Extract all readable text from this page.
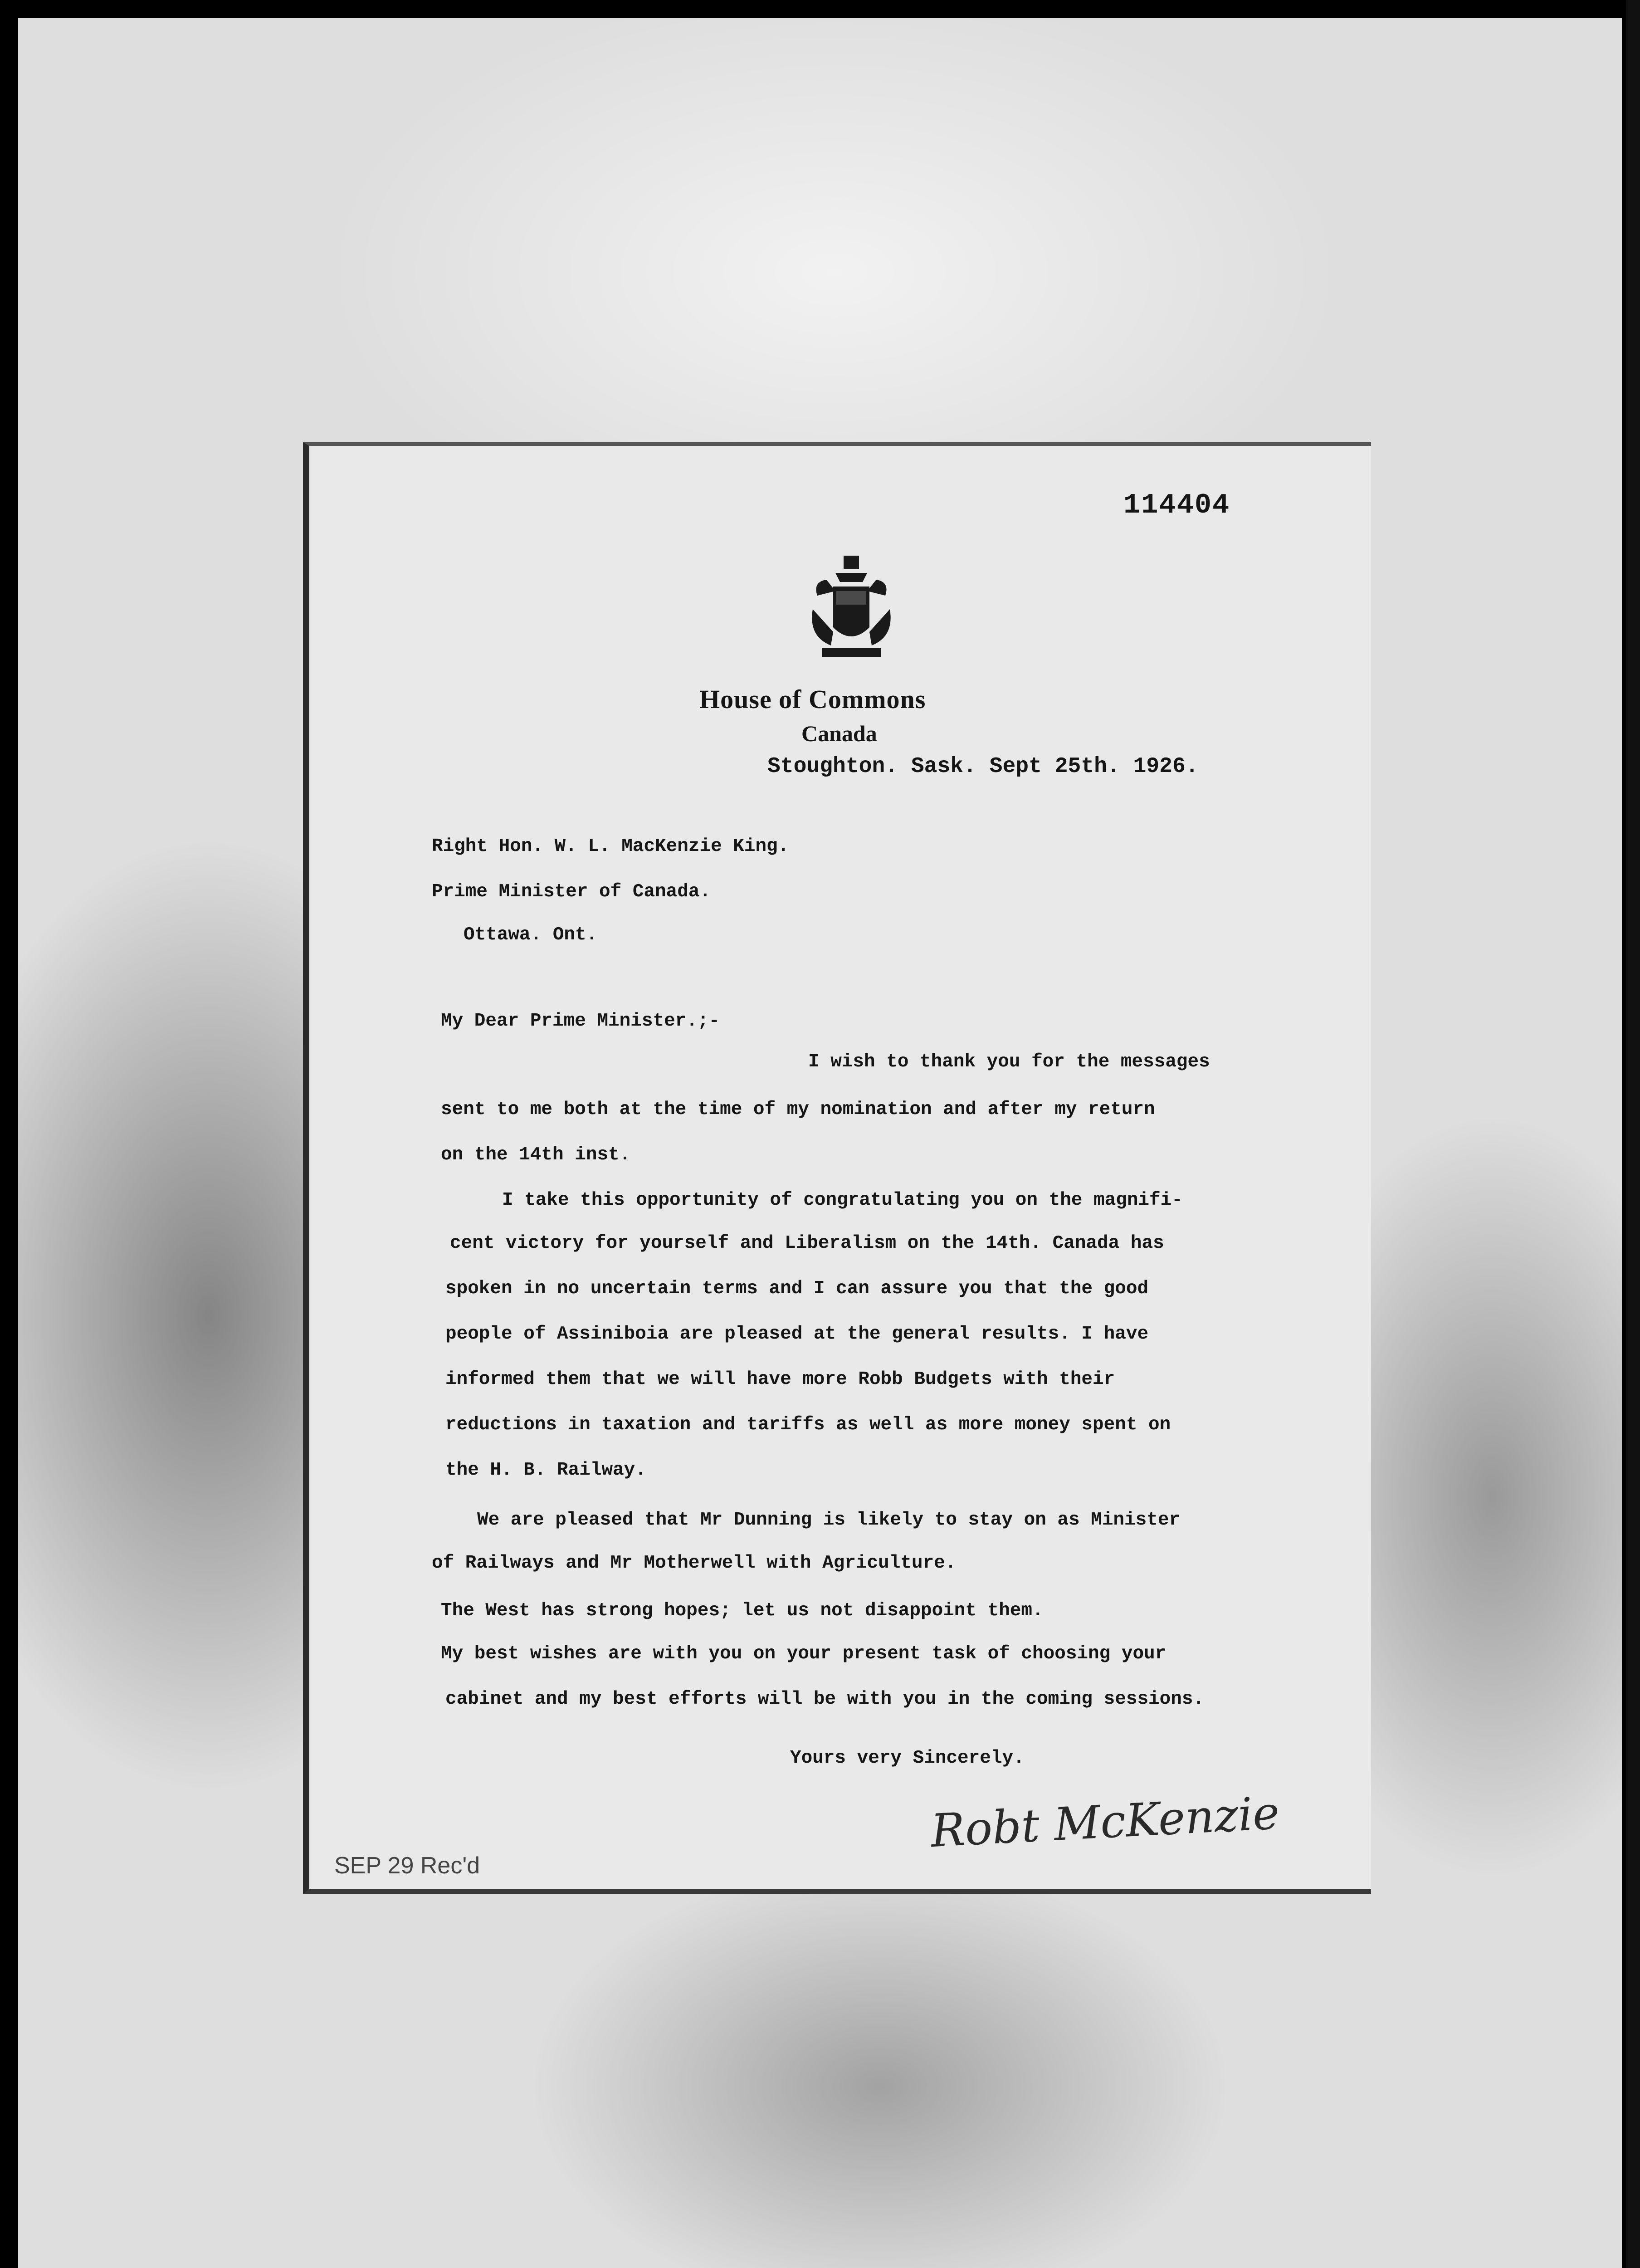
114404
House of Commons
Canada
Stoughton. Sask. Sept 25th. 1926.
Right Hon. W. L. MacKenzie King.
Prime Minister of Canada.
Ottawa. Ont.
My Dear Prime Minister.;-
I wish to thank you for the messages
sent to me both at the time of my nomination and after my return
on the 14th inst.
I take this opportunity of congratulating you on the magnifi-
cent victory for yourself and Liberalism on the 14th. Canada has
spoken in no uncertain terms and I can assure you that the good
people of Assiniboia are pleased at the general results. I have
informed them that we will have more Robb Budgets with their
reductions in taxation and tariffs as well as more money spent on
the H. B. Railway.
We are pleased that Mr Dunning is likely to stay on as Minister
of Railways and Mr Motherwell with Agriculture.
The West has strong hopes; let us not disappoint them.
My best wishes are with you on your present task of choosing your
cabinet and my best efforts will be with you in the coming sessions.
Yours very Sincerely.
Robt McKenzie
SEP 29 Rec'd
